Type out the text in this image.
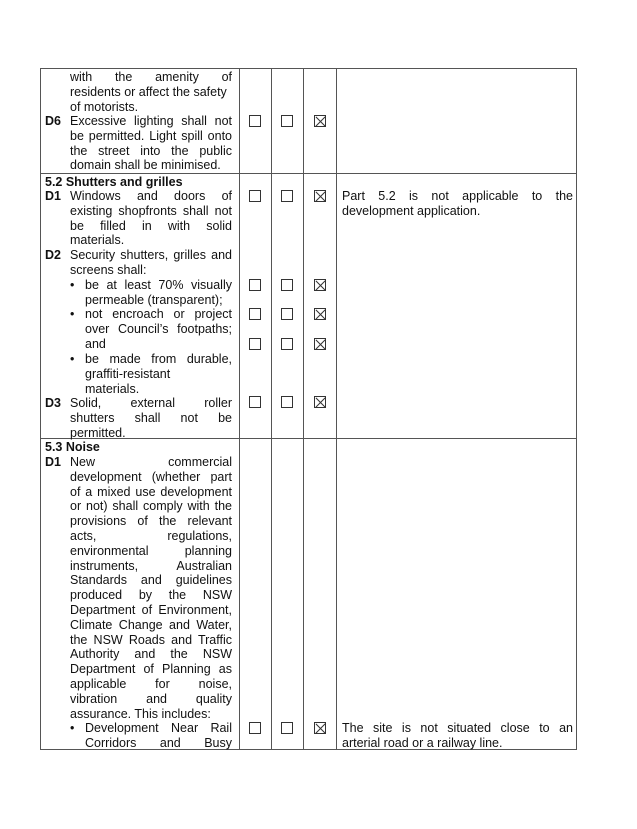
with the amenity of
residents or affect the safety
of motorists.
D6 Excessive lighting shall not
be permitted. Light spill onto
the street into the public
domain shall be minimised.
5.2 Shutters and grilles
D1 Windows and doors of
existing shopfronts shall not
be filled in with solid
materials.
Part 5.2 is not applicable to the
development application.
D2 Security shutters, grilles and
screens shall:
• be at least 70% visually
permeable (transparent);
• not encroach or project
over Council’s footpaths;
and
• be made from durable,
graffiti-resistant
materials.
D3 Solid, external roller
shutters shall not be
permitted.
5.3 Noise
D1 New commercial
development (whether part
of a mixed use development
or not) shall comply with the
provisions of the relevant
acts, regulations,
environmental planning
instruments, Australian
Standards and guidelines
produced by the NSW
Department of Environment,
Climate Change and Water,
the NSW Roads and Traffic
Authority and the NSW
Department of Planning as
applicable for noise,
vibration and quality
assurance. This includes:
• Development Near Rail
Corridors and Busy
The site is not situated close to an
arterial road or a railway line.
